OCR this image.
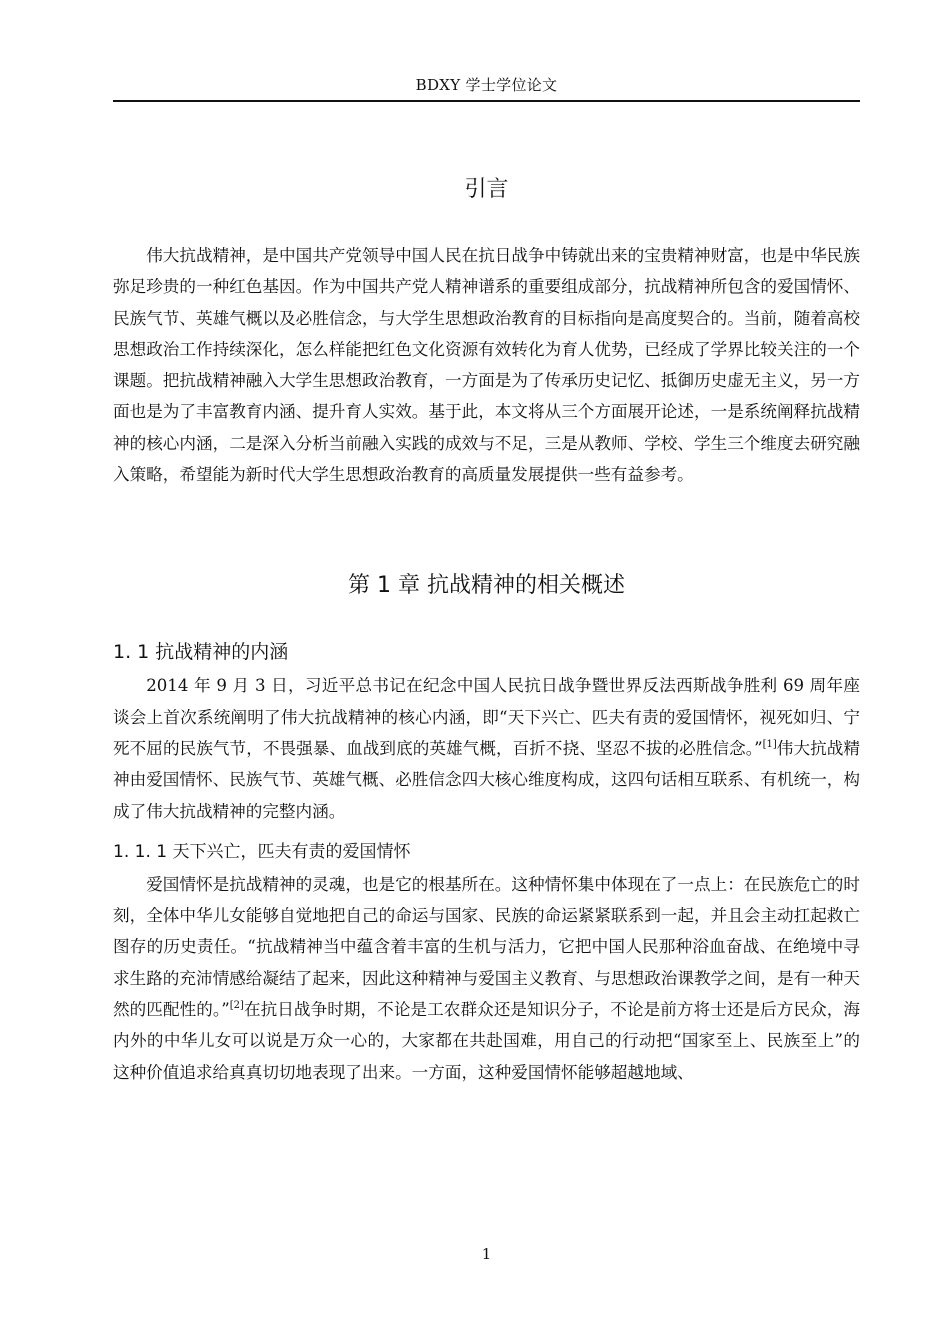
BDXY 学士学位论文
引言

伟大抗战精神，是中国共产党领导中国人民在抗日战争中铸就出来的宝贵精神财富，也是中华民族弥足珍贵的一种红色基因。作为中国共产党人精神谱系的重要组成部分，抗战精神所包含的爱国情怀、民族气节、英雄气概以及必胜信念，与大学生思想政治教育的目标指向是高度契合的。当前，随着高校思想政治工作持续深化，怎么样能把红色文化资源有效转化为育人优势，已经成了学界比较关注的一个课题。把抗战精神融入大学生思想政治教育，一方面是为了传承历史记忆、抵御历史虚无主义，另一方面也是为了丰富教育内涵、提升育人实效。基于此，本文将从三个方面展开论述，一是系统阐释抗战精神的核心内涵，二是深入分析当前融入实践的成效与不足，三是从教师、学校、学生三个维度去研究融入策略，希望能为新时代大学生思想政治教育的高质量发展提供一些有益参考。

第 1 章 抗战精神的相关概述
1. 1 抗战精神的内涵

2014 年 9 月 3 日，习近平总书记在纪念中国人民抗日战争暨世界反法西斯战争胜利 69 周年座谈会上首次系统阐明了伟大抗战精神的核心内涵，即“天下兴亡、匹夫有责的爱国情怀，视死如归、宁死不屈的民族气节，不畏强暴、血战到底的英雄气概，百折不挠、坚忍不拔的必胜信念。”[1]伟大抗战精神由爱国情怀、民族气节、英雄气概、必胜信念四大核心维度构成，这四句话相互联系、有机统一，构成了伟大抗战精神的完整内涵。

1. 1. 1 天下兴亡，匹夫有责的爱国情怀

爱国情怀是抗战精神的灵魂，也是它的根基所在。这种情怀集中体现在了一点上：在民族危亡的时刻，全体中华儿女能够自觉地把自己的命运与国家、民族的命运紧紧联系到一起，并且会主动扛起救亡图存的历史责任。“抗战精神当中蕴含着丰富的生机与活力，它把中国人民那种浴血奋战、在绝境中寻求生路的充沛情感给凝结了起来，因此这种精神与爱国主义教育、与思想政治课教学之间，是有一种天然的匹配性的。”[2]在抗日战争时期，不论是工农群众还是知识分子，不论是前方将士还是后方民众，海内外的中华儿女可以说是万众一心的，大家都在共赴国难，用自己的行动把“国家至上、民族至上”的这种价值追求给真真切切地表现了出来。一方面，这种爱国情怀能够超越地域、

1
